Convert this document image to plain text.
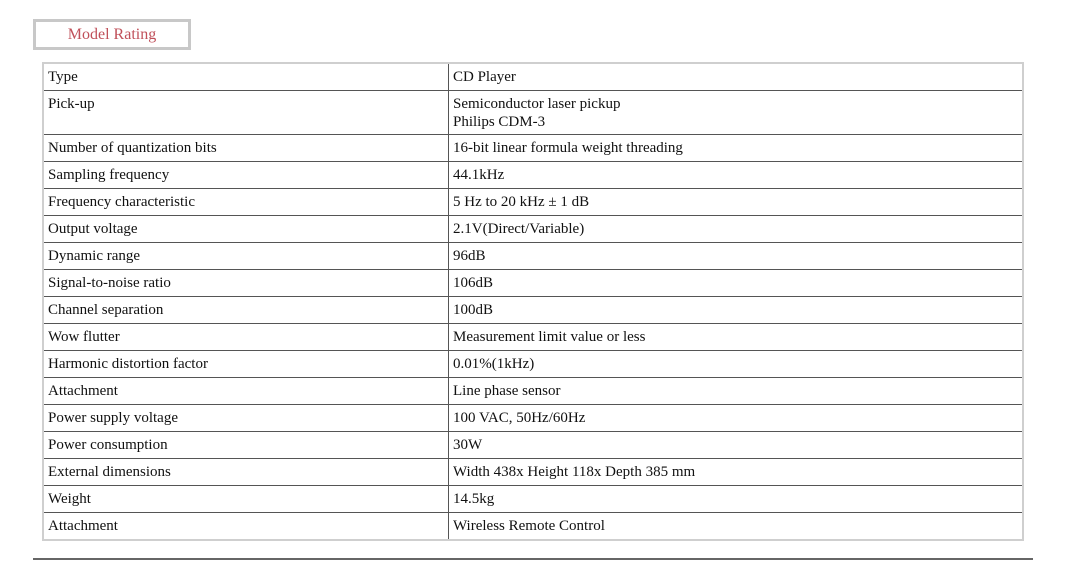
Model Rating
Type	CD Player

Pick-up	Semiconductor laser pickup
Philips CDM-3

Number of quantization bits	16-bit linear formula weight threading

Sampling frequency	44.1kHz

Frequency characteristic	5 Hz to 20 kHz ± 1 dB

Output voltage	2.1V(Direct/Variable)

Dynamic range	96dB

Signal-to-noise ratio	106dB

Channel separation	100dB

Wow flutter	Measurement limit value or less

Harmonic distortion factor	0.01%(1kHz)

Attachment	Line phase sensor

Power supply voltage	100 VAC, 50Hz/60Hz

Power consumption	30W

External dimensions	Width 438x Height 118x Depth 385 mm

Weight	14.5kg

Attachment	Wireless Remote Control
